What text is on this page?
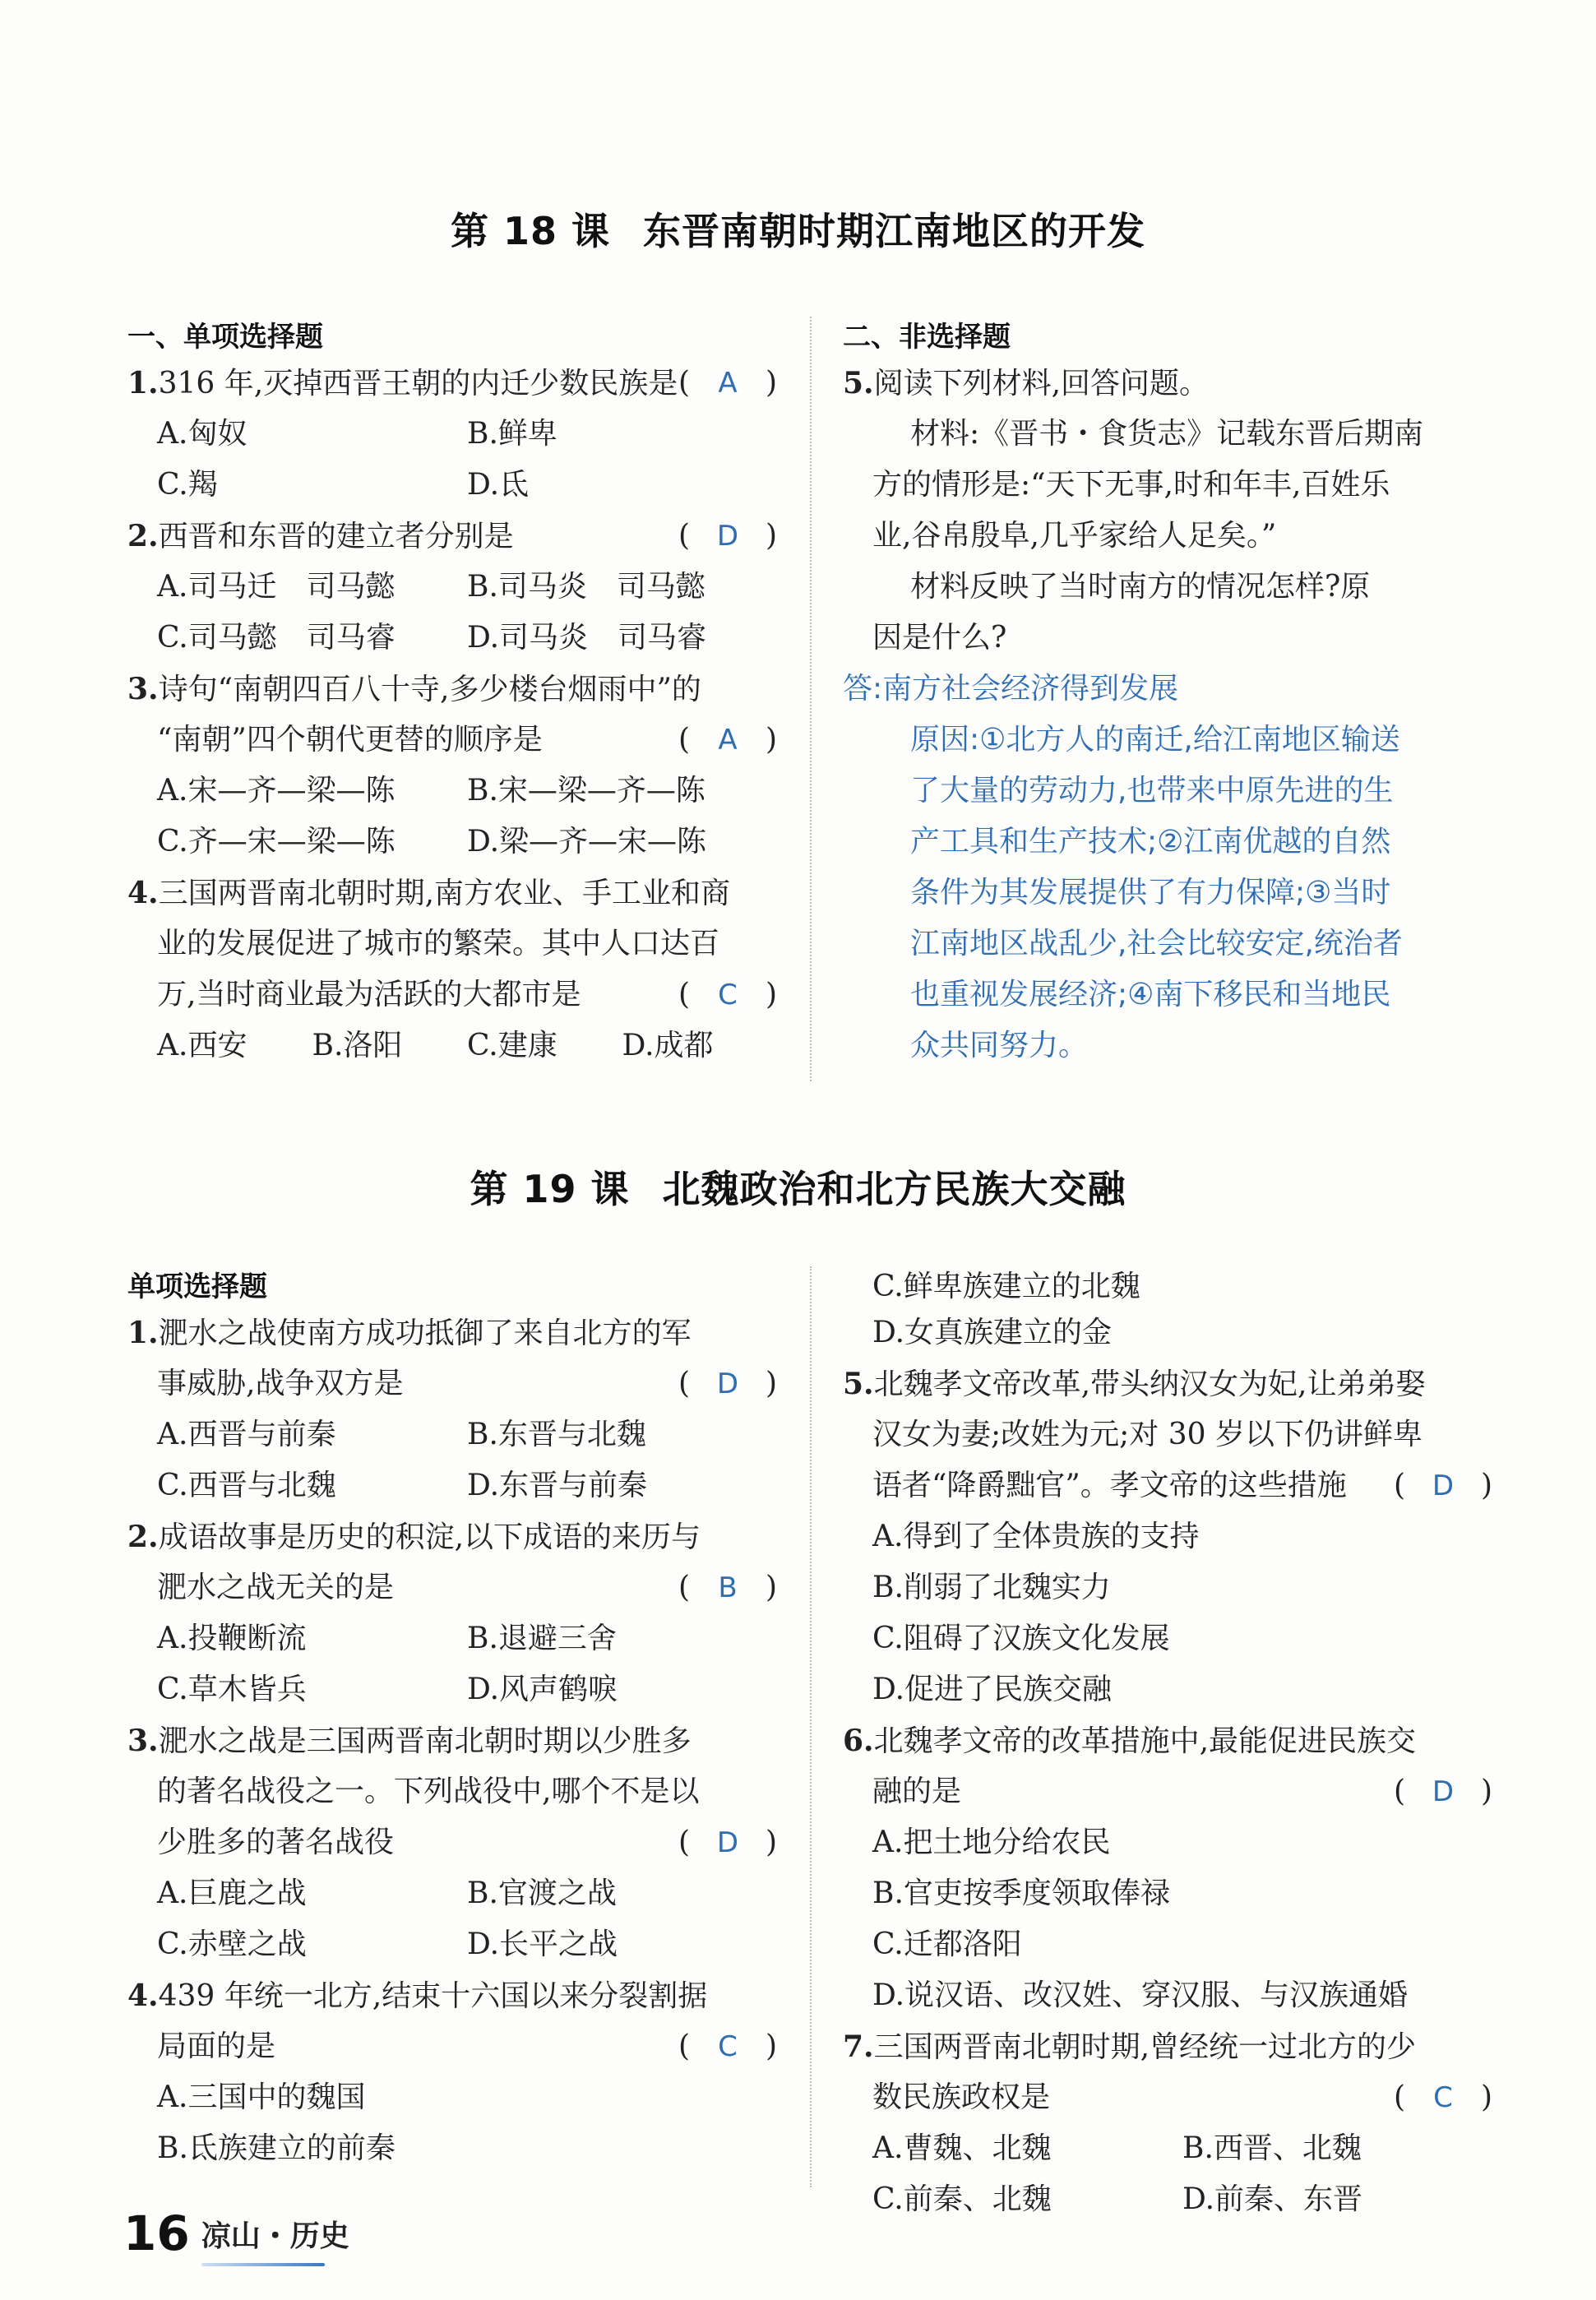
第 18 课 东晋南朝时期江南地区的开发
一、单项选择题
1.316 年,灭掉西晋王朝的内迁少数民族是 ( A )
A.匈奴	B.鲜卑
C.羯	D.氐
2.西晋和东晋的建立者分别是	( D )
A.司马迁　司马懿	B.司马炎　司马懿
C.司马懿　司马睿	D.司马炎　司马睿
3.诗句“南朝四百八十寺,多少楼台烟雨中”的
“南朝”四个朝代更替的顺序是	( A )
A.宋—齐—梁—陈	B.宋—梁—齐—陈
C.齐—宋—梁—陈	D.梁—齐—宋—陈
4.三国两晋南北朝时期,南方农业、手工业和商
业的发展促进了城市的繁荣。其中人口达百
万,当时商业最为活跃的大都市是	( C )
A.西安	B.洛阳	C.建康	D.成都
二、非选择题
5.阅读下列材料,回答问题。
材料:《晋书・食货志》记载东晋后期南
方的情形是:“天下无事,时和年丰,百姓乐
业,谷帛殷阜,几乎家给人足矣。”
材料反映了当时南方的情况怎样?原
因是什么?
答:南方社会经济得到发展
原因:①北方人的南迁,给江南地区输送
了大量的劳动力,也带来中原先进的生
产工具和生产技术;②江南优越的自然
条件为其发展提供了有力保障;③当时
江南地区战乱少,社会比较安定,统治者
也重视发展经济;④南下移民和当地民
众共同努力。
第 19 课 北魏政治和北方民族大交融
单项选择题
1.淝水之战使南方成功抵御了来自北方的军
事威胁,战争双方是	( D )
A.西晋与前秦	B.东晋与北魏
C.西晋与北魏	D.东晋与前秦
2.成语故事是历史的积淀,以下成语的来历与
淝水之战无关的是	( B )
A.投鞭断流	B.退避三舍
C.草木皆兵	D.风声鹤唳
3.淝水之战是三国两晋南北朝时期以少胜多
的著名战役之一。下列战役中,哪个不是以
少胜多的著名战役	( D )
A.巨鹿之战	B.官渡之战
C.赤壁之战	D.长平之战
4.439 年统一北方,结束十六国以来分裂割据
局面的是	( C )
A.三国中的魏国
B.氐族建立的前秦
C.鲜卑族建立的北魏
D.女真族建立的金
5.北魏孝文帝改革,带头纳汉女为妃,让弟弟娶
汉女为妻;改姓为元;对 30 岁以下仍讲鲜卑
语者“降爵黜官”。孝文帝的这些措施 ( D )
A.得到了全体贵族的支持
B.削弱了北魏实力
C.阻碍了汉族文化发展
D.促进了民族交融
6.北魏孝文帝的改革措施中,最能促进民族交
融的是	( D )
A.把土地分给农民
B.官吏按季度领取俸禄
C.迁都洛阳
D.说汉语、改汉姓、穿汉服、与汉族通婚
7.三国两晋南北朝时期,曾经统一过北方的少
数民族政权是	( C )
A.曹魏、北魏	B.西晋、北魏
C.前秦、北魏	D.前秦、东晋
16 凉山・历史
